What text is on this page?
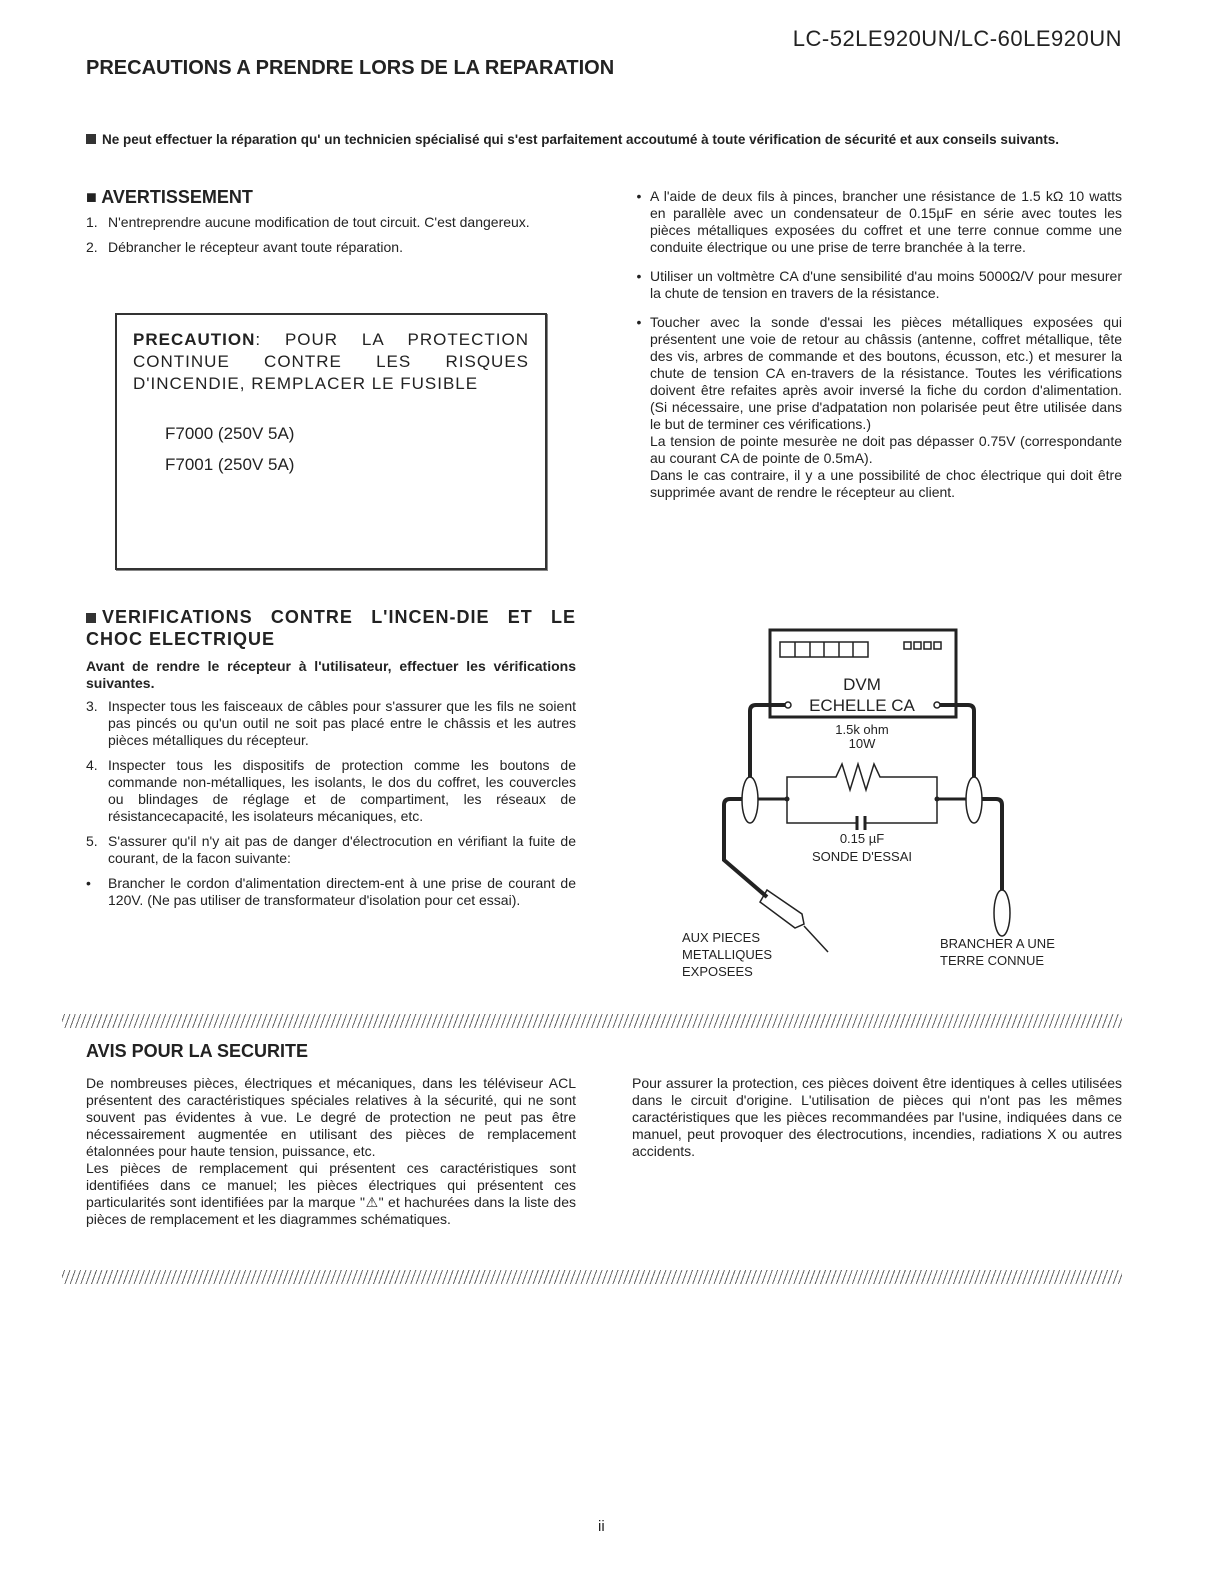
LC-52LE920UN/LC-60LE920UN
PRECAUTIONS A PRENDRE LORS DE LA REPARATION
Ne peut effectuer la réparation qu' un technicien spécialisé qui s'est parfaitement accoutumé à toute vérification de sécurité et aux conseils suivants.
■ AVERTISSEMENT
1. N'entreprendre aucune modification de tout circuit. C'est dangereux.
2. Débrancher le récepteur avant toute réparation.
PRECAUTION: POUR LA PROTECTION CONTINUE CONTRE LES RISQUES D'INCENDIE, REMPLACER LE FUSIBLE
F7000 (250V 5A)
F7001 (250V 5A)
VERIFICATIONS CONTRE L'INCEN-DIE ET LE CHOC ELECTRIQUE
Avant de rendre le récepteur à l'utilisateur, effectuer les vérifications suivantes.
3. Inspecter tous les faisceaux de câbles pour s'assurer que les fils ne soient pas pincés ou qu'un outil ne soit pas placé entre le châssis et les autres pièces métalliques du récepteur.
4. Inspecter tous les dispositifs de protection comme les boutons de commande non-métalliques, les isolants, le dos du coffret, les couvercles ou blindages de réglage et de compartiment, les réseaux de résistancecapacité, les isolateurs mécaniques, etc.
5. S'assurer qu'il n'y ait pas de danger d'électrocution en vérifiant la fuite de courant, de la facon suivante:
•	Brancher le cordon d'alimentation directem-ent à une prise de courant de 120V. (Ne pas utiliser de transformateur d'isolation pour cet essai).
• A l'aide de deux fils à pinces, brancher une résistance de 1.5 kΩ 10 watts en parallèle avec un condensateur de 0.15µF en série avec toutes les pièces métalliques exposées du coffret et une terre connue comme une conduite électrique ou une prise de terre branchée à la terre.
• Utiliser un voltmètre CA d'une sensibilité d'au moins 5000Ω/V pour mesurer la chute de tension en travers de la résistance.
• Toucher avec la sonde d'essai les pièces métalliques exposées qui présentent une voie de retour au châssis (antenne, coffret métallique, tête des vis, arbres de commande et des boutons, écusson, etc.) et mesurer la chute de tension CA en-travers de la résistance. Toutes les vérifications doivent être refaites après avoir inversé la fiche du cordon d'alimentation. (Si nécessaire, une prise d'adpatation non polarisée peut être utilisée dans le but de terminer ces vérifications.)
La tension de pointe mesurèe ne doit pas dépasser 0.75V (correspondante au courant CA de pointe de 0.5mA).
Dans le cas contraire, il y a une possibilité de choc électrique qui doit être supprimée avant de rendre le récepteur au client.
DVM
ECHELLE CA
1.5k ohm
10W
0.15 µF
SONDE D'ESSAI
AUX PIECES
METALLIQUES
EXPOSEES
BRANCHER A UNE
TERRE CONNUE
AVIS POUR LA SECURITE
De nombreuses pièces, électriques et mécaniques, dans les téléviseur ACL présentent des caractéristiques spéciales relatives à la sécurité, qui ne sont souvent pas évidentes à vue. Le degré de protection ne peut pas être nécessairement augmentée en utilisant des pièces de remplacement étalonnées pour haute tension, puissance, etc.
Les pièces de remplacement qui présentent ces caractéristiques sont identifiées dans ce manuel; les pièces électriques qui présentent ces particularités sont identifiées par la marque "⚠" et hachurées dans la liste des pièces de remplacement et les diagrammes schématiques.
Pour assurer la protection, ces pièces doivent être identiques à celles utilisées dans le circuit d'origine. L'utilisation de pièces qui n'ont pas les mêmes caractéristiques que les pièces recommandées par l'usine, indiquées dans ce manuel, peut provoquer des électrocutions, incendies, radiations X ou autres accidents.
ii
